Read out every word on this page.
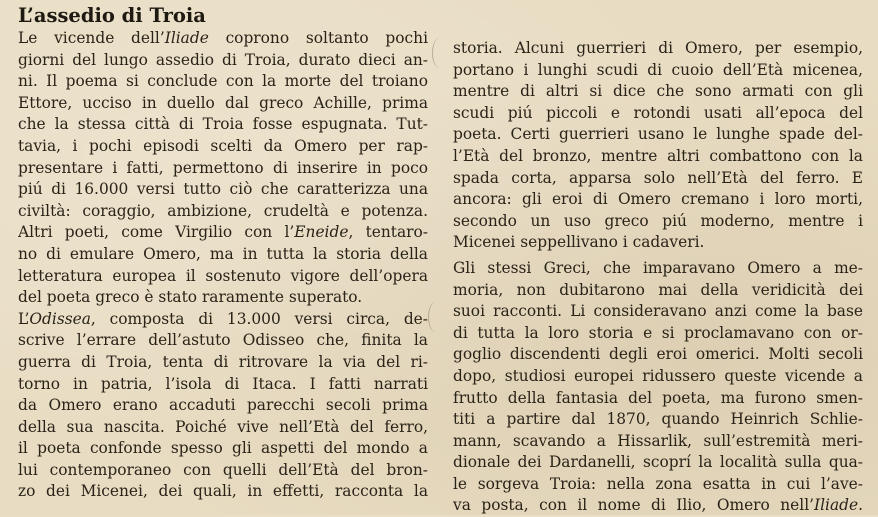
L’assedio di Troia
Le vicende dell’Iliade coprono soltanto pochi
giorni del lungo assedio di Troia, durato dieci an-
ni. Il poema si conclude con la morte del troiano
Ettore, ucciso in duello dal greco Achille, prima
che la stessa città di Troia fosse espugnata. Tut-
tavia, i pochi episodi scelti da Omero per rap-
presentare i fatti, permettono di inserire in poco
piú di 16.000 versi tutto ciò che caratterizza una
civiltà: coraggio, ambizione, crudeltà e potenza.
Altri poeti, come Virgilio con l’Eneide, tentaro-
no di emulare Omero, ma in tutta la storia della
letteratura europea il sostenuto vigore dell’opera
del poeta greco è stato raramente superato.
L’Odissea, composta di 13.000 versi circa, de-
scrive l’errare dell’astuto Odisseo che, finita la
guerra di Troia, tenta di ritrovare la via del ri-
torno in patria, l’isola di Itaca. I fatti narrati
da Omero erano accaduti parecchi secoli prima
della sua nascita. Poiché vive nell’Età del ferro,
il poeta confonde spesso gli aspetti del mondo a
lui contemporaneo con quelli dell’Età del bron-
zo dei Micenei, dei quali, in effetti, racconta la
storia. Alcuni guerrieri di Omero, per esempio,
portano i lunghi scudi di cuoio dell’Età micenea,
mentre di altri si dice che sono armati con gli
scudi piú piccoli e rotondi usati all’epoca del
poeta. Certi guerrieri usano le lunghe spade del-
l’Età del bronzo, mentre altri combattono con la
spada corta, apparsa solo nell’Età del ferro. E
ancora: gli eroi di Omero cremano i loro morti,
secondo un uso greco piú moderno, mentre i
Micenei seppellivano i cadaveri.
Gli stessi Greci, che imparavano Omero a me-
moria, non dubitarono mai della veridicità dei
suoi racconti. Li consideravano anzi come la base
di tutta la loro storia e si proclamavano con or-
goglio discendenti degli eroi omerici. Molti secoli
dopo, studiosi europei ridussero queste vicende a
frutto della fantasia del poeta, ma furono smen-
titi a partire dal 1870, quando Heinrich Schlie-
mann, scavando a Hissarlik, sull’estremità meri-
dionale dei Dardanelli, scoprí la località sulla qua-
le sorgeva Troia: nella zona esatta in cui l’ave-
va posta, con il nome di Ilio, Omero nell’Iliade.
